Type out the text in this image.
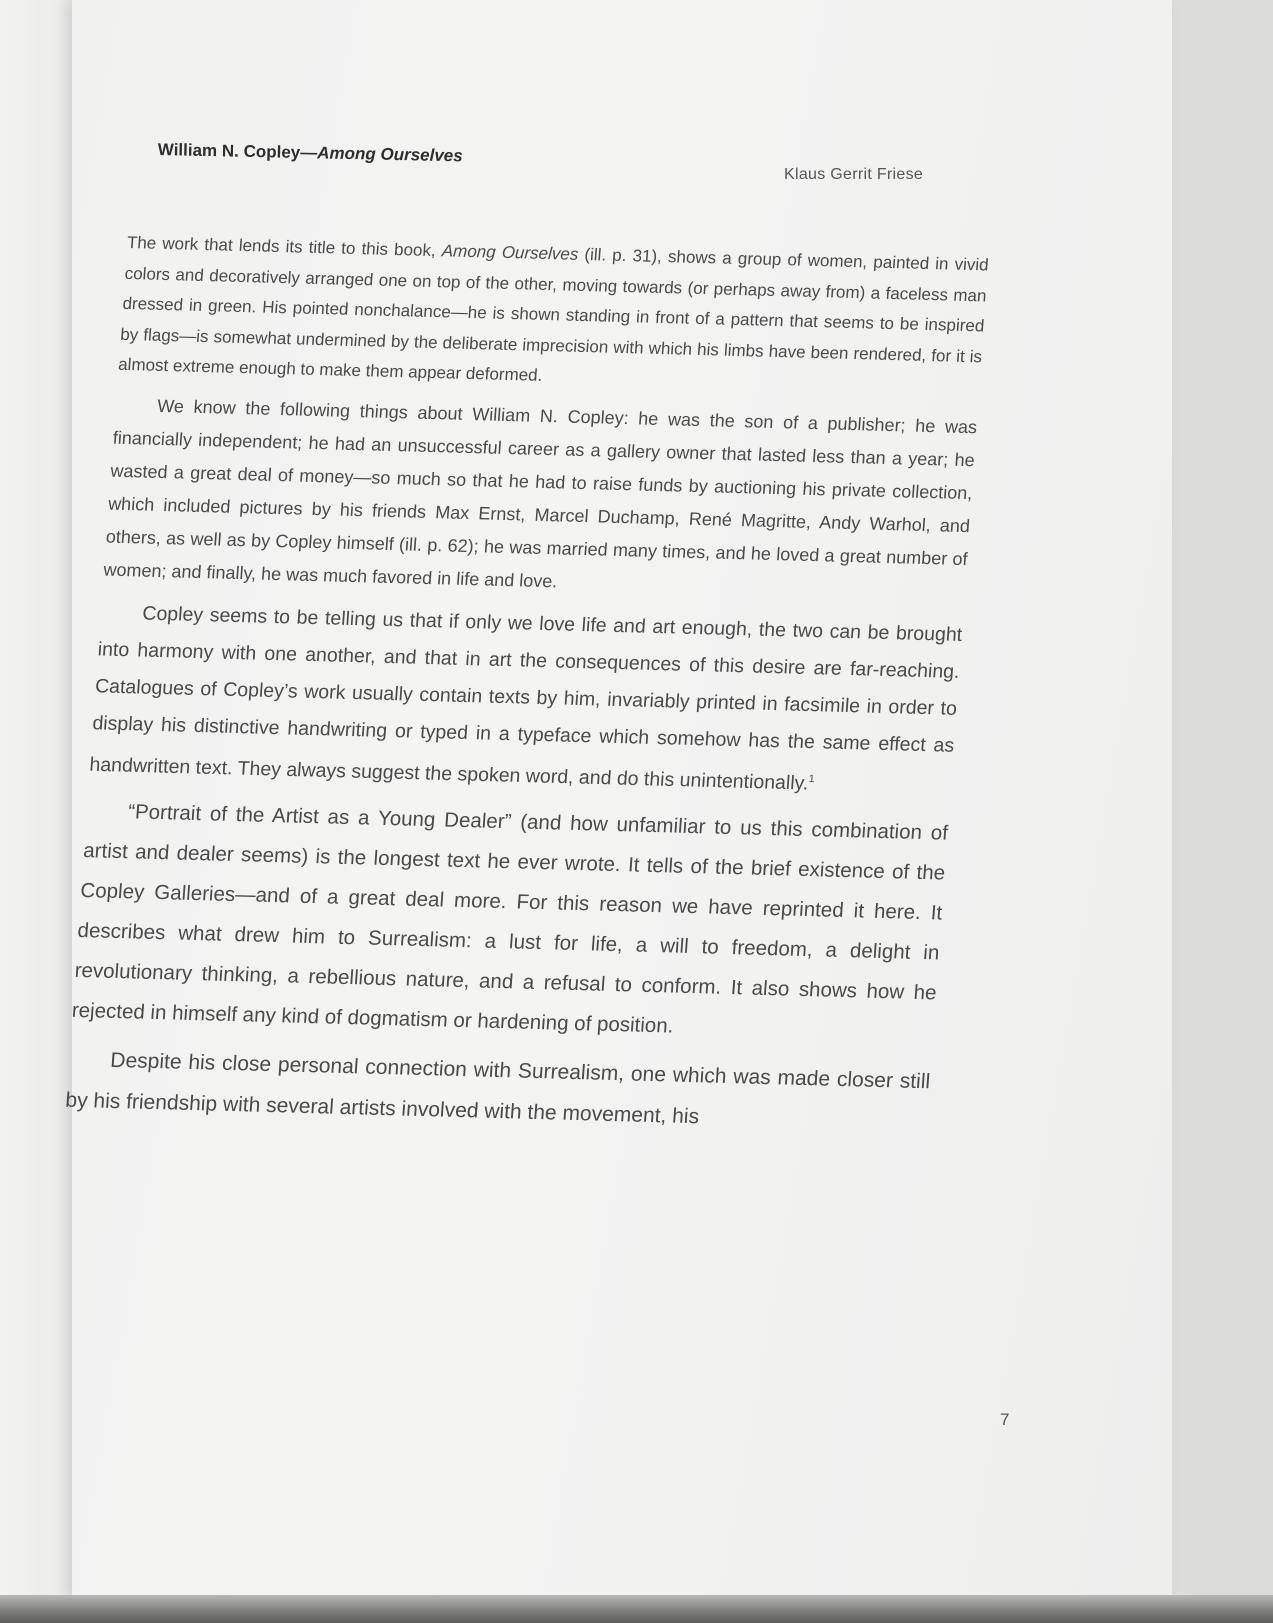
William N. Copley—Among Ourselves
Klaus Gerrit Friese

The work that lends its title to this book, Among Ourselves (ill. p. 31), shows a group of women, painted in vivid colors and decoratively arranged one on top of the other, moving towards (or perhaps away from) a faceless man dressed in green. His pointed nonchalance—he is shown standing in front of a pattern that seems to be inspired by flags—is somewhat undermined by the deliberate imprecision with which his limbs have been rendered, for it is almost extreme enough to make them appear deformed.

We know the following things about William N. Copley: he was the son of a publisher; he was financially independent; he had an unsuccessful career as a gallery owner that lasted less than a year; he wasted a great deal of money—so much so that he had to raise funds by auctioning his private collection, which included pictures by his friends Max Ernst, Marcel Duchamp, René Magritte, Andy Warhol, and others, as well as by Copley himself (ill. p. 62); he was married many times, and he loved a great number of women; and finally, he was much favored in life and love.

Copley seems to be telling us that if only we love life and art enough, the two can be brought into harmony with one another, and that in art the consequences of this desire are far-reaching. Catalogues of Copley’s work usually contain texts by him, invariably printed in facsimile in order to display his distinctive handwriting or typed in a typeface which somehow has the same effect as handwritten text. They always suggest the spoken word, and do this unintentionally.$^1$

“Portrait of the Artist as a Young Dealer” (and how unfamiliar to us this combination of artist and dealer seems) is the longest text he ever wrote. It tells of the brief existence of the Copley Galleries—and of a great deal more. For this reason we have reprinted it here. It describes what drew him to Surrealism: a lust for life, a will to freedom, a delight in revolutionary thinking, a rebellious nature, and a refusal to conform. It also shows how he rejected in himself any kind of dogmatism or hardening of position.

Despite his close personal connection with Surrealism, one which was made closer still by his friendship with several artists involved with the movement, his

7
